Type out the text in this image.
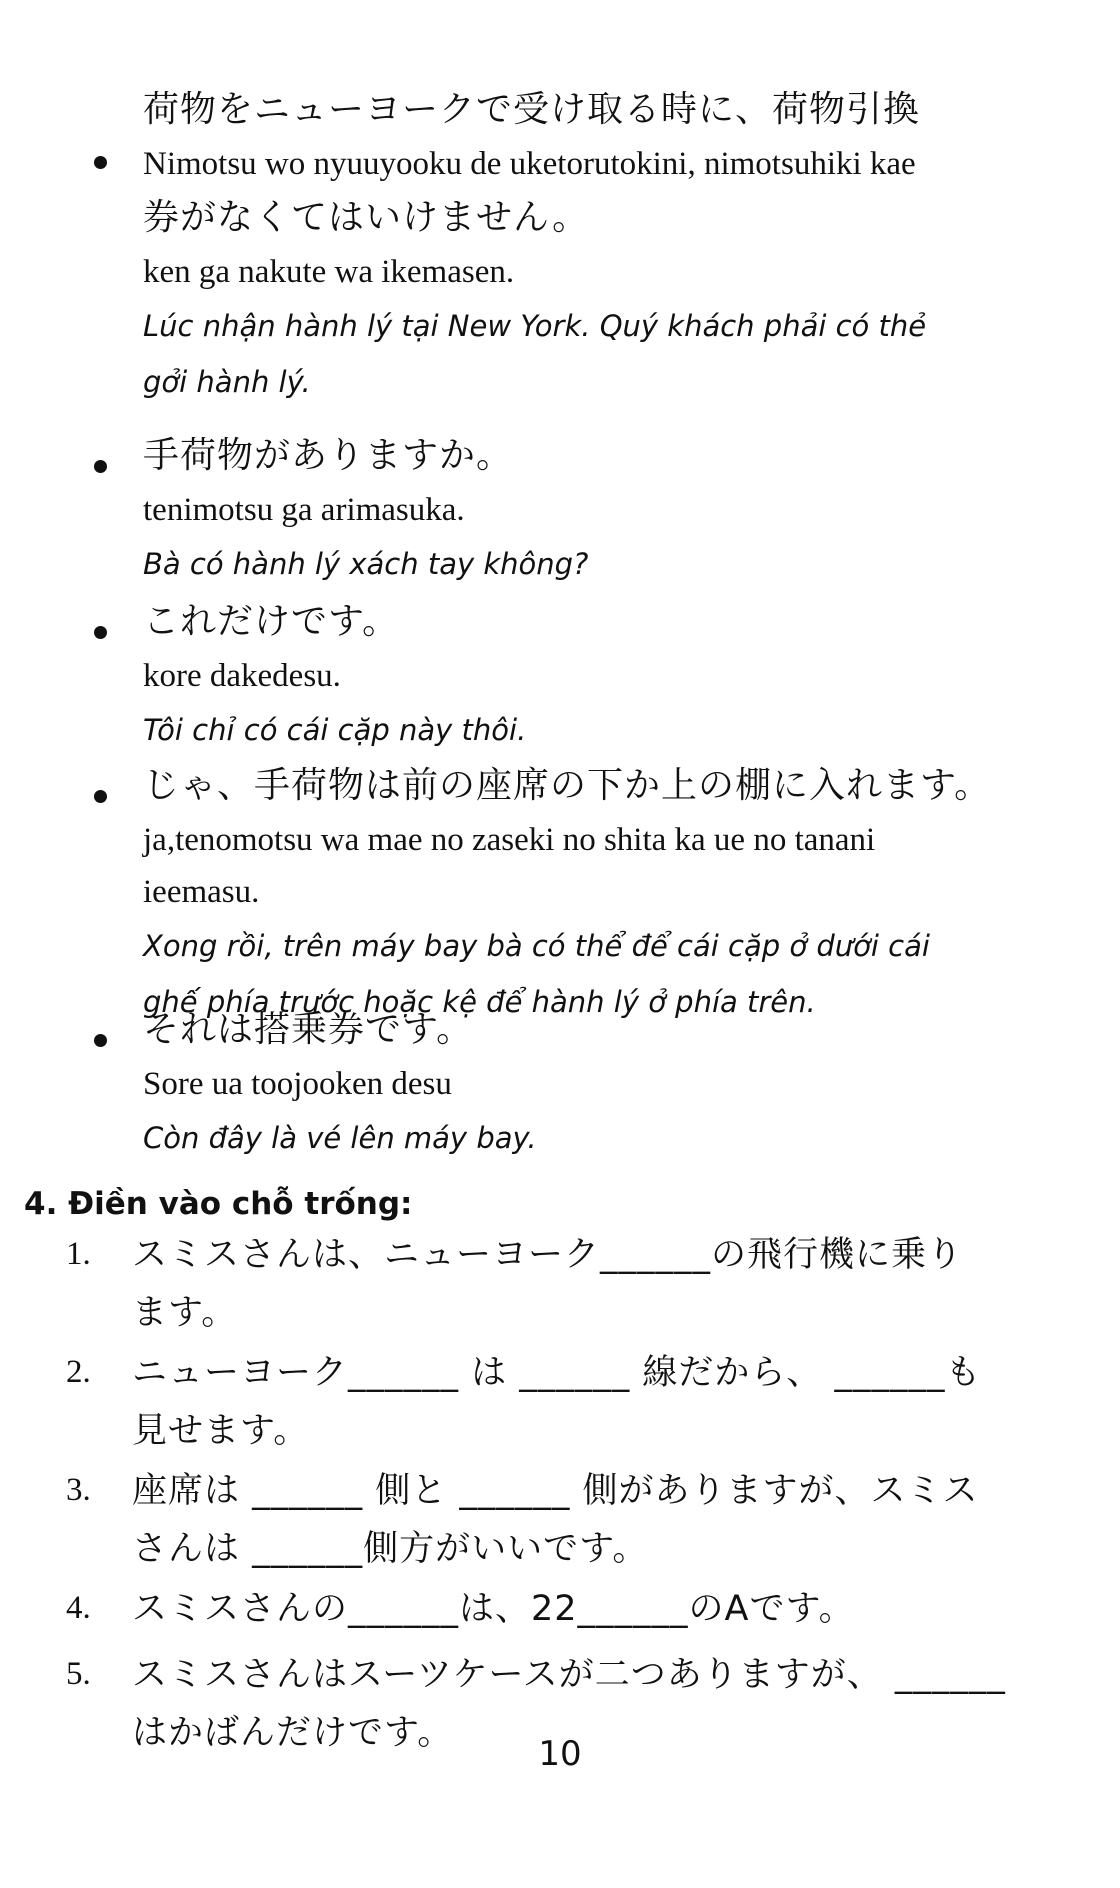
荷物をニューヨークで受け取る時に、荷物引換
Nimotsu wo nyuuyooku de uketorutokini, nimotsuhiki kae
券がなくてはいけません。
ken ga nakute wa ikemasen.
Lúc nhận hành lý tại New York. Quý khách phải có thẻ
gởi hành lý.
手荷物がありますか。
tenimotsu ga arimasuka.
Bà có hành lý xách tay không?
これだけです。
kore dakedesu.
Tôi chỉ có cái cặp này thôi.
じゃ、手荷物は前の座席の下か上の棚に入れます。
ja,tenomotsu wa mae no zaseki no shita ka ue no tanani
ieemasu.
Xong rồi, trên máy bay bà có thể để cái cặp ở dưới cái
ghế phía trước hoặc kệ để hành lý ở phía trên.
それは搭乗券です。
Sore ua toojooken desu
Còn đây là vé lên máy bay.
4. Điền vào chỗ trống:
1. スミスさんは、ニューヨーク______の飛行機に乗り
ます。
2. ニューヨーク______ は ______ 線だから、 ______も
見せます。
3. 座席は ______ 側と ______ 側がありますが、スミス
さんは ______側方がいいです。
4. スミスさんの______は、22______のAです。
5. スミスさんはスーツケースが二つありますが、 ______
はかばんだけです。
10
